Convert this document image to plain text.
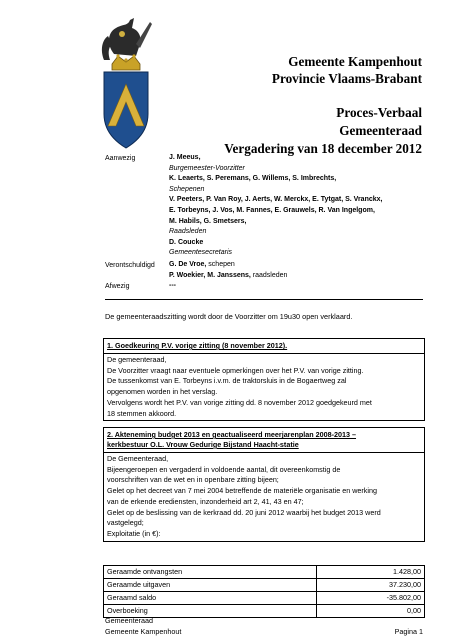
Gemeente Kampenhout
Provincie Vlaams-Brabant
Proces-Verbaal
Gemeenteraad
Vergadering van 18 december 2012
Aanwezig	J. Meeus,
Burgemeester-Voorzitter
K. Leaerts, S. Peremans, G. Willems, S. Imbrechts,
Schepenen
V. Peeters, P. Van Roy, J. Aerts, W. Merckx, E. Tytgat, S. Vranckx,
E. Torbeyns, J. Vos, M. Fannes, E. Grauwels, R. Van Ingelgom,
M. Habils, G. Smetsers,
Raadsleden
D. Coucke
Gemeentesecretaris
Verontschuldigd G. De Vroe, schepen
P. Woekier, M. Janssens, raadsleden
Afwezig	---
De gemeenteraadszitting wordt door de Voorzitter om 19u30 open verklaard.
1. Goedkeuring P.V. vorige zitting (8 november 2012).
De gemeenteraad,
De Voorzitter vraagt naar eventuele opmerkingen over het P.V. van vorige zitting.
De tussenkomst van E. Torbeyns i.v.m. de traktorsluis in de Bogaertweg zal
opgenomen worden in het verslag.
Vervolgens wordt het P.V. van vorige zitting dd. 8 november 2012 goedgekeurd met
18 stemmen akkoord.
2. Akteneming budget 2013 en geactualiseerd meerjarenplan 2008-2013 –
kerkbestuur O.L. Vrouw Gedurige Bijstand Haacht-statie
De Gemeenteraad,
Bijeengeroepen en vergaderd in voldoende aantal, dit overeenkomstig de
voorschriften van de wet en in openbare zitting bijeen;
Gelet op het decreet van 7 mei 2004 betreffende de materiële organisatie en werking
van de erkende erediensten, inzonderheid art 2, 41, 43 en 47;
Gelet op de beslissing van de kerkraad dd. 20 juni 2012 waarbij het budget 2013 werd
vastgelegd;
Exploitatie (in €):
Geraamde ontvangsten	1.428,00
Geraamde uitgaven	37.230,00
Geraamd saldo	-35.802,00
Overboeking	0,00
Gemeenteraad
Gemeente Kampenhout	Pagina 1
